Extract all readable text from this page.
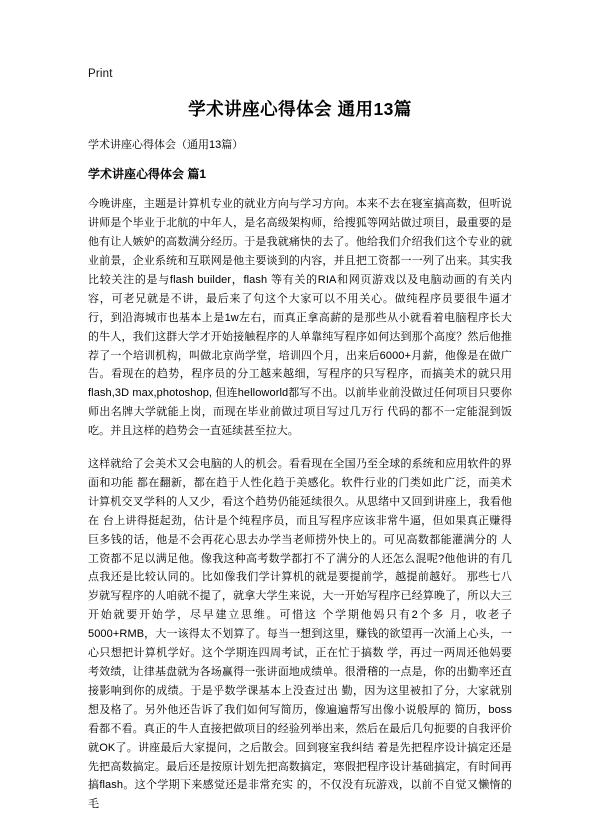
Print
学术讲座心得体会 通用13篇
学术讲座心得体会（通用13篇）
学术讲座心得体会 篇1

今晚讲座，主题是计算机专业的就业方向与学习方向。本来不去在寝室搞高数，但听说讲师是个毕业于北航的中年人，是名高级架构师，给搜狐等网站做过项目，最重要的是他有让人嫉妒的高数满分经历。于是我就痛快的去了。他给我们介绍我们这个专业的就业前景，企业系统和互联网是他主要谈到的内容，并且把工资都一一列了出来。其实我比较关注的是与flash builder，flash 等有关的RIA和网页游戏以及电脑动画的有关内容，可老兄就是不讲，最后来了句这个大家可以不用关心。做纯程序员要很牛逼才 行，到沿海城市也基本上是1w左右，而真正拿高薪的是那些从小就看着电脑程序长大的牛人，我们这群大学才开始接触程序的人单靠纯写程序如何达到那个高度？然后他推荐了一个培训机构，叫做北京尚学堂，培训四个月，出来后6000+月薪，他像是在做广告。看现在的趋势，程序员的分工越来越细，写程序的只写程序，而搞美术的就只用flash,3D max,photoshop, 但连helloworld都写不出。以前毕业前没做过任何项目只要你师出名牌大学就能上岗，而现在毕业前做过项目写过几万行 代码的都不一定能混到饭吃。并且这样的趋势会一直延续甚至拉大。

这样就给了会美术又会电脑的人的机会。看看现在全国乃至全球的系统和应用软件的界面和功能 都在翻新，都在趋于人性化趋于美感化。软件行业的门类如此广泛，而美术计算机交叉学科的人又少，看这个趋势仍能延续很久。从思绪中又回到讲座上，我看他在 台上讲得挺起劲，估计是个纯程序员，而且写程序应该非常牛逼，但如果真正赚得巨多钱的话，他是不会再花心思去办学当老师捞外快上的。可见高数都能灌满分的 人工资都不足以满足他。像我这种高考数学都打不了满分的人还怎么混呢?他他讲的有几点我还是比较认同的。比如像我们学计算机的就是要提前学，越提前越好。 那些七八岁就写程序的人咱就不提了，就拿大学生来说，大一开始写程序已经算晚了，所以大三开始就要开始学，尽早建立思维。可惜这 个学期他妈只有2个多 月，收老子5000+RMB，大一该得太不划算了。每当一想到这里，赚钱的欲望再一次涌上心头，一心只想把计算机学好。这个学期连四周考试，正在忙于搞数 学，再过一两周还他妈要考效绩，让律基盘就为各场赢得一张讲面地成绩单。很滑稽的一点是，你的出勤率还直接影响到你的成绩。于是乎数学课基本上没查过出 勤，因为这里被扣了分，大家就别想及格了。另外他还告诉了我们如何写简历，像遍遍帮写出像小说般厚的 简历，boss看都不看。真正的牛人直接把做项目的经验列举出来，然后在最后几句扼要的自我评价就OK了。讲座最后大家提问，之后散会。回到寝室我纠结 着是先把程序设计搞定还是先把高数搞定。最后还是按原计划先把高数搞定，寒假把程序设计基础搞定，有时间再搞flash。这个学期下来感觉还是非常充实 的，不仅没有玩游戏，以前不自觉又懒惰的毛
